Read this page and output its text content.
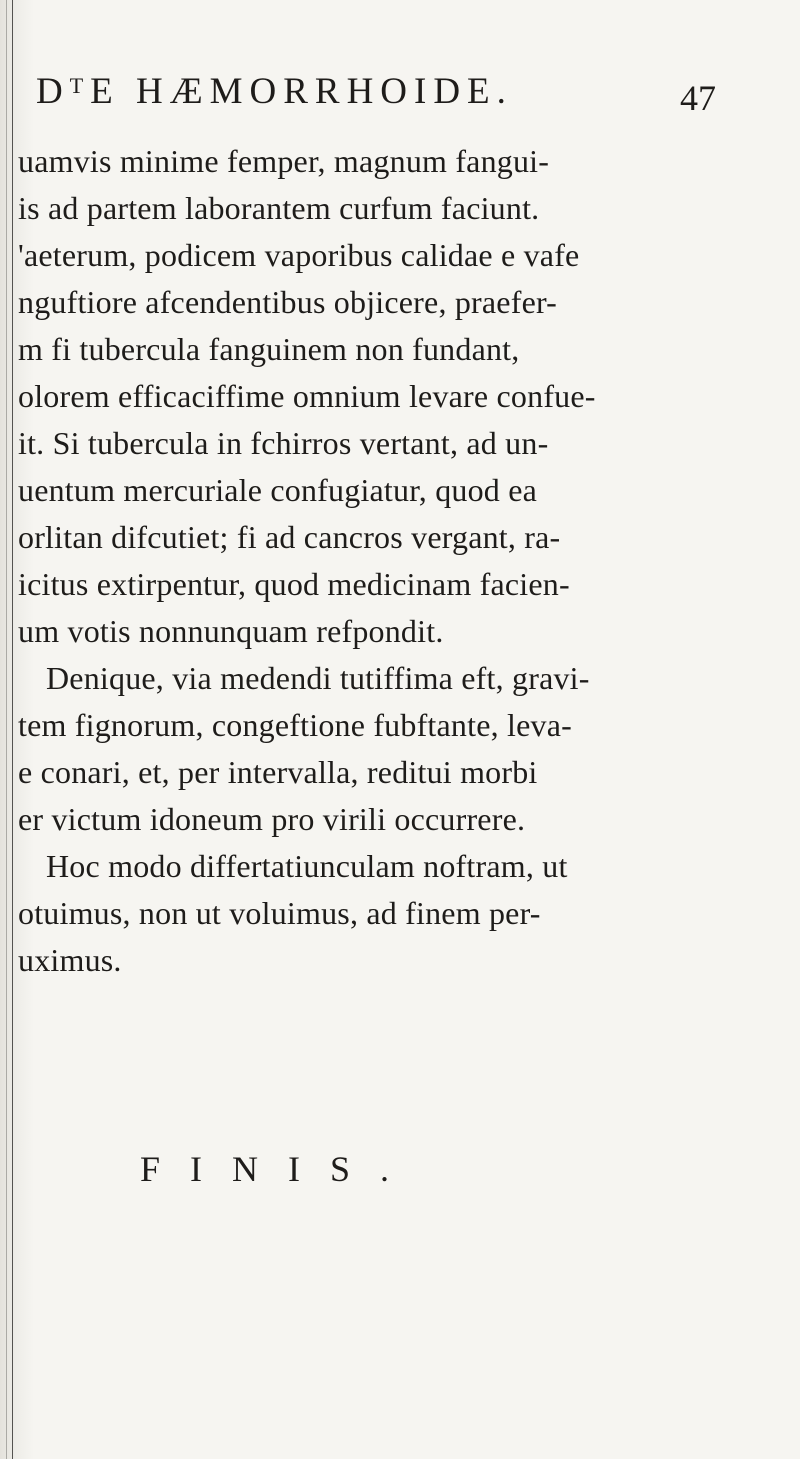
DᵀE HÆMORRHOIDE.	47
uamvis minime femper, magnum fangui-
is ad partem laborantem curfum faciunt.
'aeterum, podicem vaporibus calidae e vafe
nguftiore afcendentibus objicere, praefer-
m fi tubercula fanguinem non fundant,
olorem efficaciffime omnium levare confue-
it. Si tubercula in fchirros vertant, ad un-
uentum mercuriale confugiatur, quod ea
orlitan difcutiet; fi ad cancros vergant, ra-
icitus extirpentur, quod medicinam facien-
um votis nonnunquam refpondit.
Denique, via medendi tutiffima eft, gravi-
tem fignorum, congeftione fubftante, leva-
e conari, et, per intervalla, reditui morbi
er victum idoneum pro virili occurrere.
Hoc modo differtatiunculam noftram, ut
otuimus, non ut voluimus, ad finem per-
uximus.
FINIS.
